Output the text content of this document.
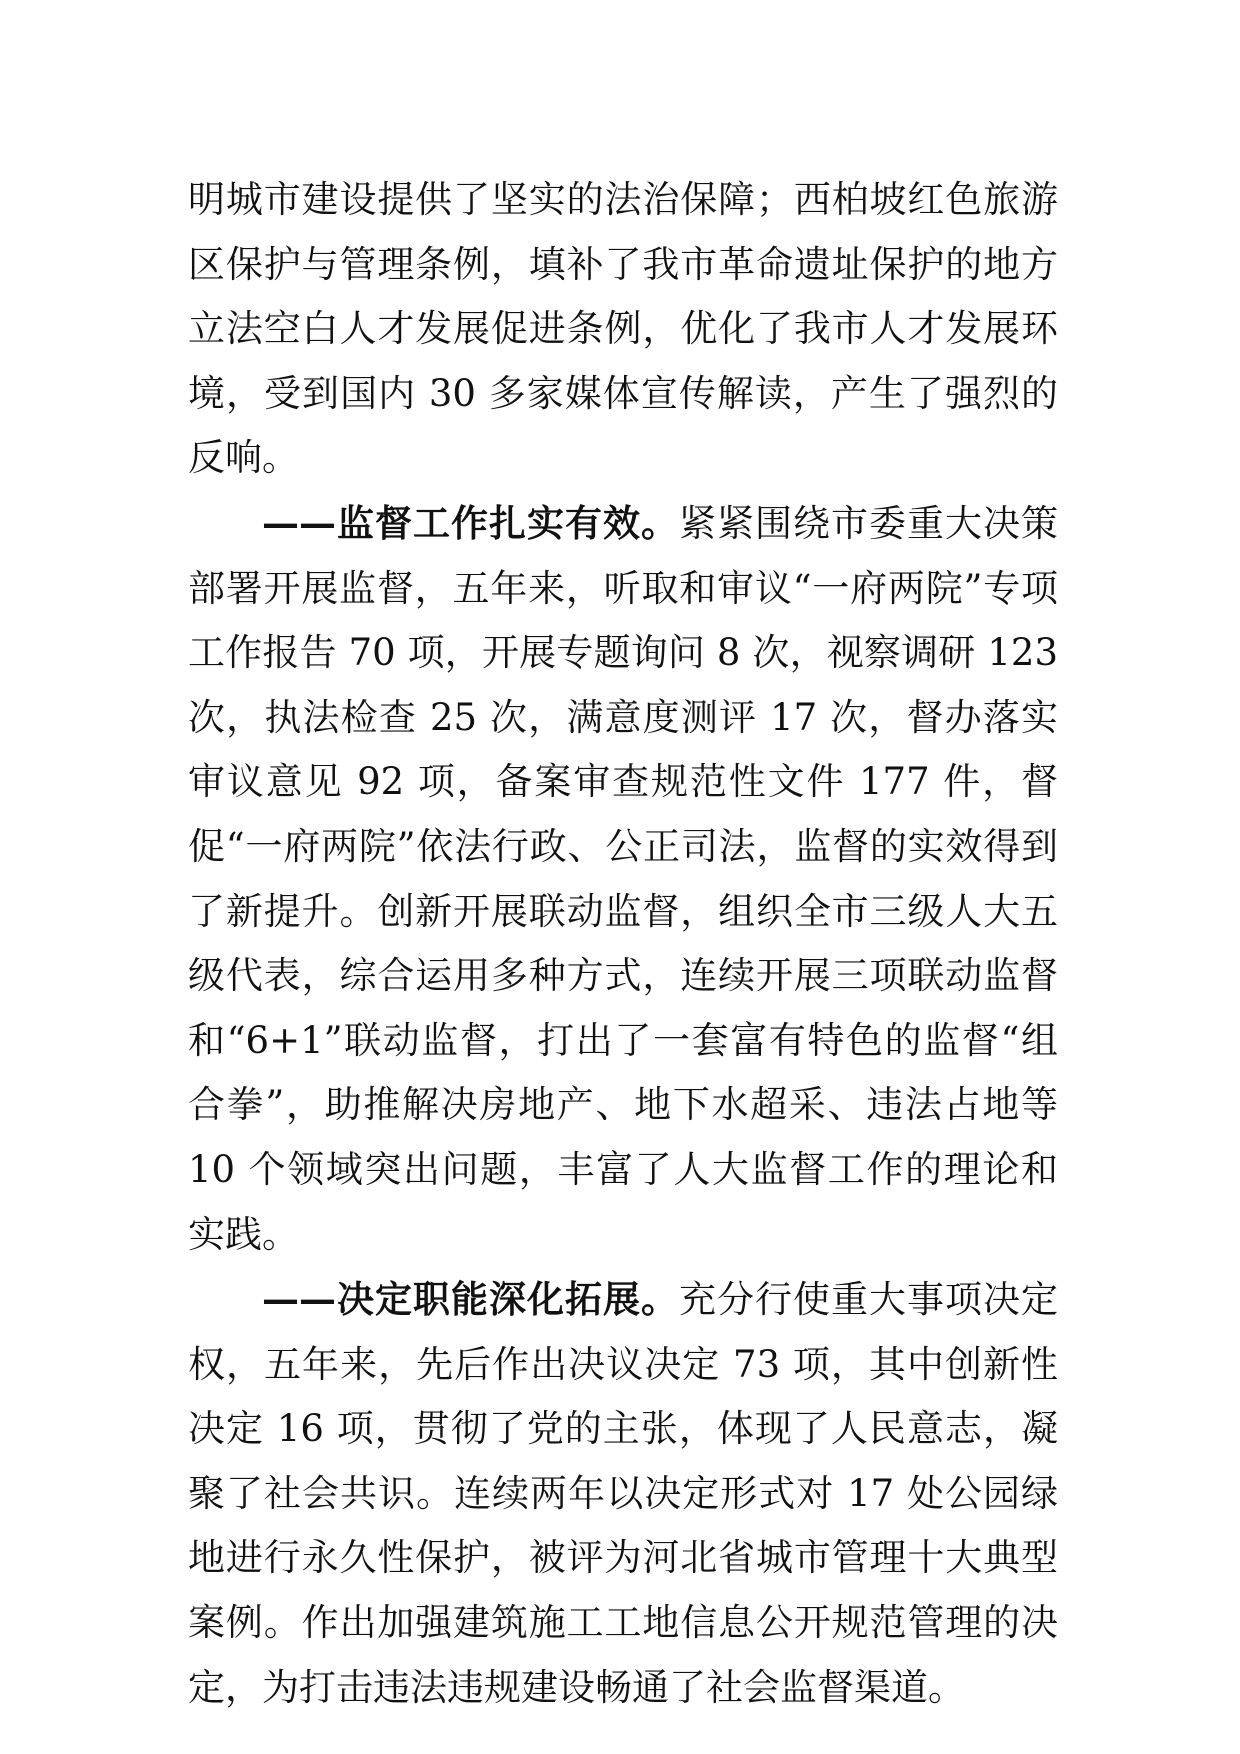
明城市建设提供了坚实的法治保障；西柏坡红色旅游区保护与管理条例，填补了我市革命遗址保护的地方立法空白人才发展促进条例，优化了我市人才发展环境，受到国内 30 多家媒体宣传解读，产生了强烈的反响。

——监督工作扎实有效。紧紧围绕市委重大决策部署开展监督，五年来，听取和审议“一府两院”专项工作报告 70 项，开展专题询问 8 次，视察调研 123 次，执法检查 25 次，满意度测评 17 次，督办落实审议意见 92 项，备案审查规范性文件 177 件，督促“一府两院”依法行政、公正司法，监督的实效得到了新提升。创新开展联动监督，组织全市三级人大五级代表，综合运用多种方式，连续开展三项联动监督和“6+1”联动监督，打出了一套富有特色的监督“组合拳”，助推解决房地产、地下水超采、违法占地等 10 个领域突出问题，丰富了人大监督工作的理论和实践。

——决定职能深化拓展。充分行使重大事项决定权，五年来，先后作出决议决定 73 项，其中创新性决定 16 项，贯彻了党的主张，体现了人民意志，凝聚了社会共识。连续两年以决定形式对 17 处公园绿地进行永久性保护，被评为河北省城市管理十大典型案例。作出加强建筑施工工地信息公开规范管理的决定，为打击违法违规建设畅通了社会监督渠道。
